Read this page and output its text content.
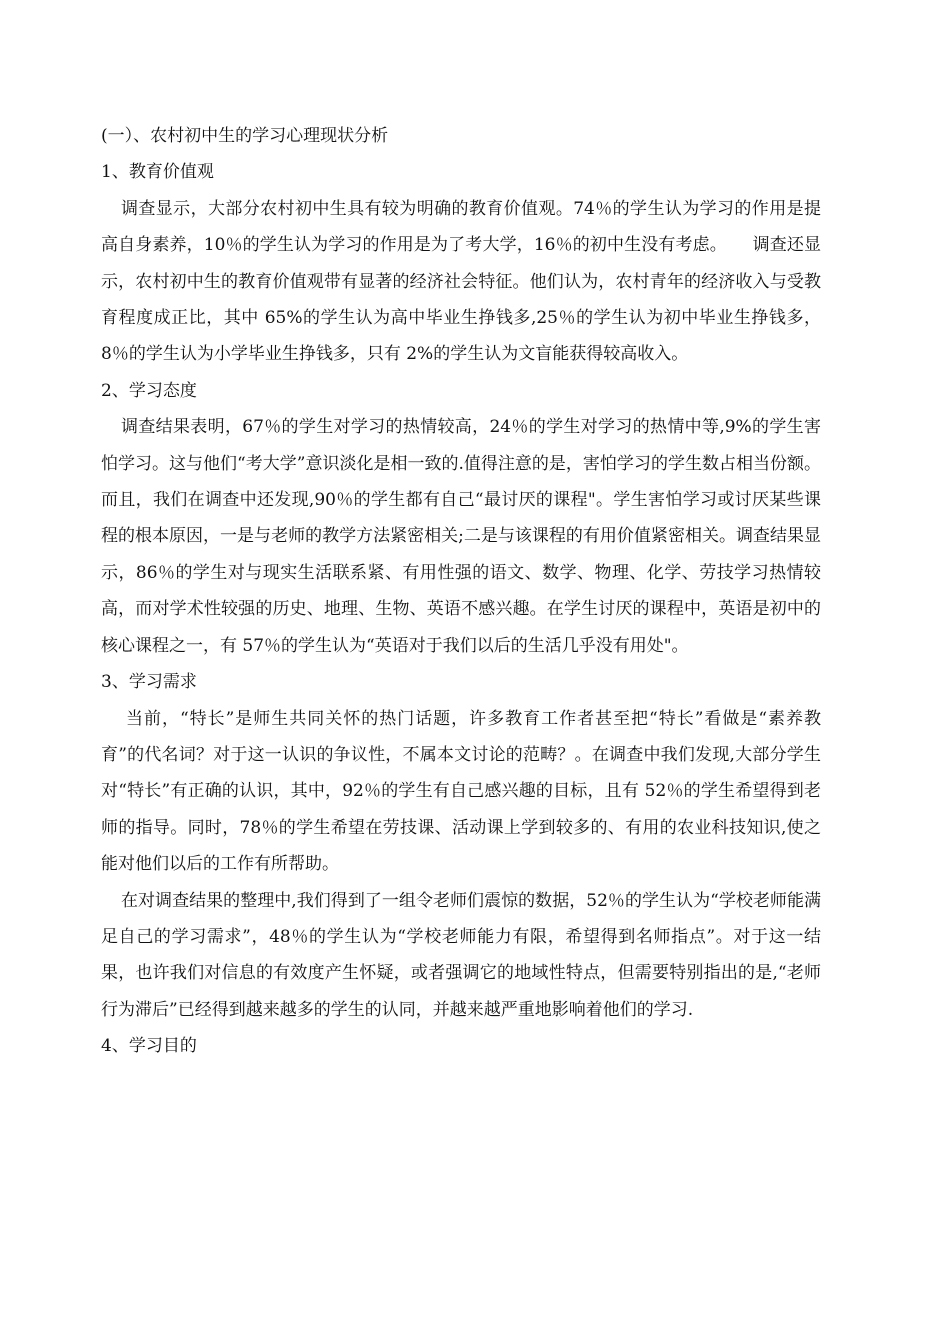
(一）、农村初中生的学习心理现状分析

1、教育价值观

调查显示，大部分农村初中生具有较为明确的教育价值观。74％的学生认为学习的作用是提高自身素养，10％的学生认为学习的作用是为了考大学，16％的初中生没有考虑。　　调查还显示，农村初中生的教育价值观带有显著的经济社会特征。他们认为，农村青年的经济收入与受教育程度成正比，其中 65%的学生认为高中毕业生挣钱多,25％的学生认为初中毕业生挣钱多，8％的学生认为小学毕业生挣钱多，只有 2%的学生认为文盲能获得较高收入。

2、学习态度

调查结果表明，67％的学生对学习的热情较高，24％的学生对学习的热情中等,9%的学生害怕学习。这与他们“考大学”意识淡化是相一致的.值得注意的是，害怕学习的学生数占相当份额。而且，我们在调查中还发现,90％的学生都有自己“最讨厌的课程"。学生害怕学习或讨厌某些课程的根本原因，一是与老师的教学方法紧密相关;二是与该课程的有用价值紧密相关。调查结果显示，86％的学生对与现实生活联系紧、有用性强的语文、数学、物理、化学、劳技学习热情较高，而对学术性较强的历史、地理、生物、英语不感兴趣。在学生讨厌的课程中，英语是初中的核心课程之一，有 57％的学生认为“英语对于我们以后的生活几乎没有用处"。

3、学习需求

当前，“特长”是师生共同关怀的热门话题，许多教育工作者甚至把“特长”看做是“素养教育”的代名词？对于这一认识的争议性，不属本文讨论的范畴？。在调查中我们发现,大部分学生对“特长”有正确的认识，其中，92％的学生有自己感兴趣的目标，且有 52％的学生希望得到老师的指导。同时，78％的学生希望在劳技课、活动课上学到较多的、有用的农业科技知识,使之能对他们以后的工作有所帮助。

在对调查结果的整理中,我们得到了一组令老师们震惊的数据，52％的学生认为“学校老师能满足自己的学习需求”，48％的学生认为“学校老师能力有限，希望得到名师指点”。对于这一结果，也许我们对信息的有效度产生怀疑，或者强调它的地域性特点，但需要特别指出的是,“老师行为滞后”已经得到越来越多的学生的认同，并越来越严重地影响着他们的学习.

4、学习目的
